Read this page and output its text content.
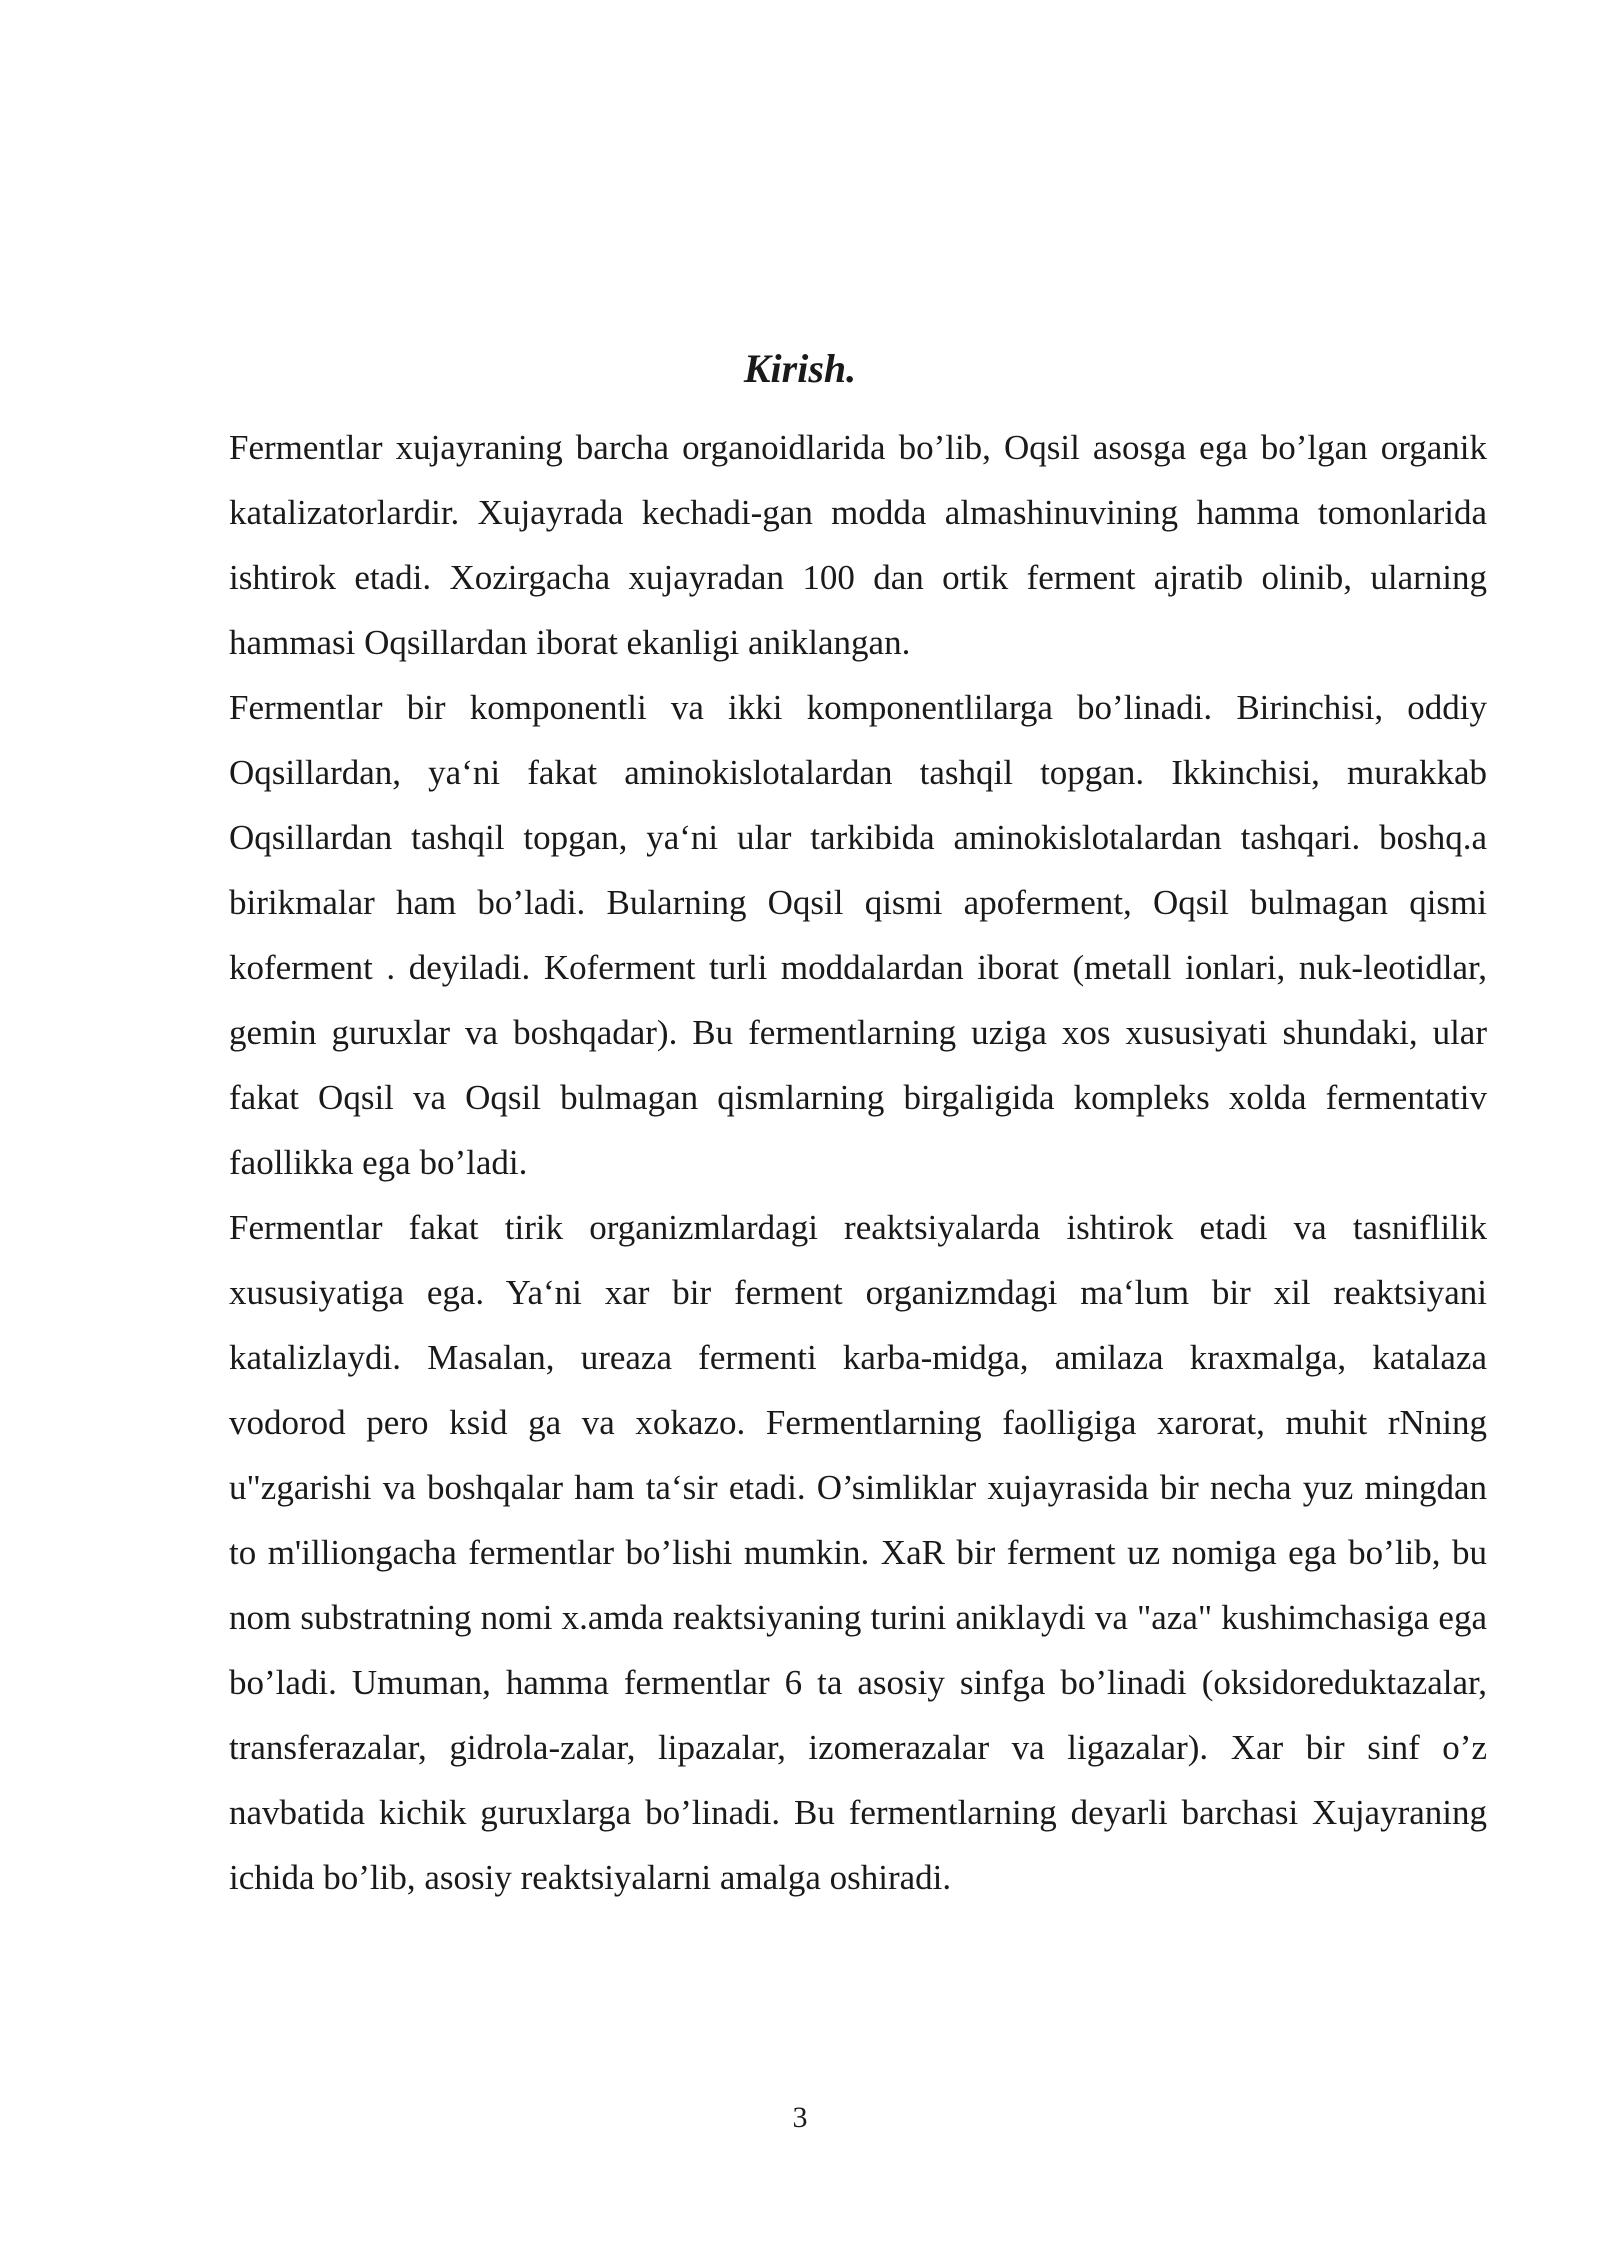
Kirish.

Fermentlar xujayraning barcha organoidlarida bo’lib, Oqsil asosga ega bo’lgan organik katalizatorlardir. Xujayrada kechadi-gan modda almashinuvining hamma tomonlarida ishtirok etadi. Xozirgacha xujayradan 100 dan ortik ferment ajratib olinib, ularning hammasi Oqsillardan iborat ekanligi aniklangan.

Fermentlar bir komponentli va ikki komponentlilarga bo’linadi. Birinchisi, oddiy Oqsillardan, ya‘ni fakat aminokislotalardan tashqil topgan. Ikkinchisi, murakkab Oqsillardan tashqil topgan, ya‘ni ular tarkibida aminokislotalardan tashqari. boshq.a birikmalar ham bo’ladi. Bularning Oqsil qismi apoferment, Oqsil bulmagan qismi koferment . deyiladi. Koferment turli moddalardan iborat (metall ionlari, nuk-leotidlar, gemin guruxlar va boshqadar). Bu fermentlarning uziga xos xususiyati shundaki, ular fakat Oqsil va Oqsil bulmagan qismlarning birgaligida kompleks xolda fermentativ faollikka ega bo’ladi.

Fermentlar fakat tirik organizmlardagi reaktsiyalarda ishtirok etadi va tasniflilik xususiyatiga ega. Ya‘ni xar bir ferment organizmdagi ma‘lum bir xil reaktsiyani katalizlaydi. Masalan, ureaza fermenti karba-midga, amilaza kraxmalga, katalaza vodorod pero ksid ga va xokazo. Fermentlarning faolligiga xarorat, muhit rNning u"zgarishi va boshqalar ham ta‘sir etadi. O’simliklar xujayrasida bir necha yuz mingdan to m'illiongacha fermentlar bo’lishi mumkin. XaR bir ferment uz nomiga ega bo’lib, bu nom substratning nomi x.amda reaktsiyaning turini aniklaydi va "aza" kushimchasiga ega bo’ladi. Umuman, hamma fermentlar 6 ta asosiy sinfga bo’linadi (oksidoreduktazalar, transferazalar, gidrola-zalar, lipazalar, izomerazalar va ligazalar). Xar bir sinf o’z navbatida kichik guruxlarga bo’linadi. Bu fermentlarning deyarli barchasi Xujayraning ichida bo’lib, asosiy reaktsiyalarni amalga oshiradi.

3
